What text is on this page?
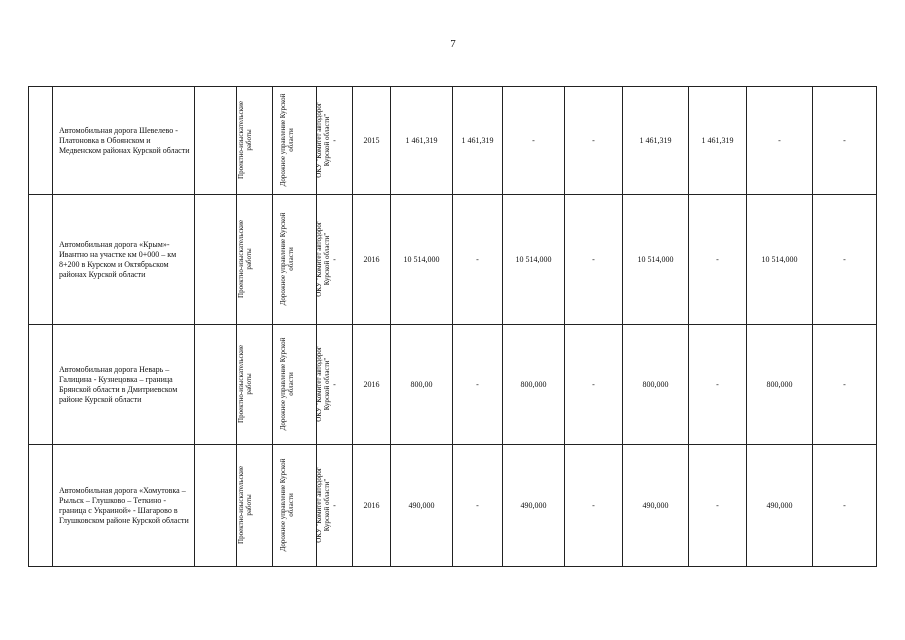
7
	Автомобильная дорога Шевелево - Платоновка в Обоянском и Медвенском районах Курской области	Проектно-изыскательские работы	Дорожное управление Курской области	ОКУ "Комитет автодорог Курской области"	-	2015	1 461,319	1 461,319	-	-	1 461,319	1 461,319	-	-
	Автомобильная дорога «Крым»-Ивантно на участке км 0+000 – км 8+200 в Курском и Октябрьском районах Курской области	Проектно-изыскательские работы	Дорожное управление Курской области	ОКУ "Комитет автодорог Курской области"	-	2016	10 514,000	-	10 514,000	-	10 514,000	-	10 514,000	-
	Автомобильная дорога Неварь – Галицина - Кузнецовка – граница Брянской области в Дмитриевском районе Курской области	Проектно-изыскательские работы	Дорожное управление Курской области	ОКУ "Комитет автодорог Курской области"	-	2016	800,00	-	800,000	-	800,000	-	800,000	-
	Автомобильная дорога «Хомутовка – Рыльск – Глушково – Теткино - граница с Украиной» - Шагарово в Глушковском районе Курской области	Проектно-изыскательские работы	Дорожное управление Курской области	ОКУ "Комитет автодорог Курской области"	-	2016	490,000	-	490,000	-	490,000	-	490,000	-
